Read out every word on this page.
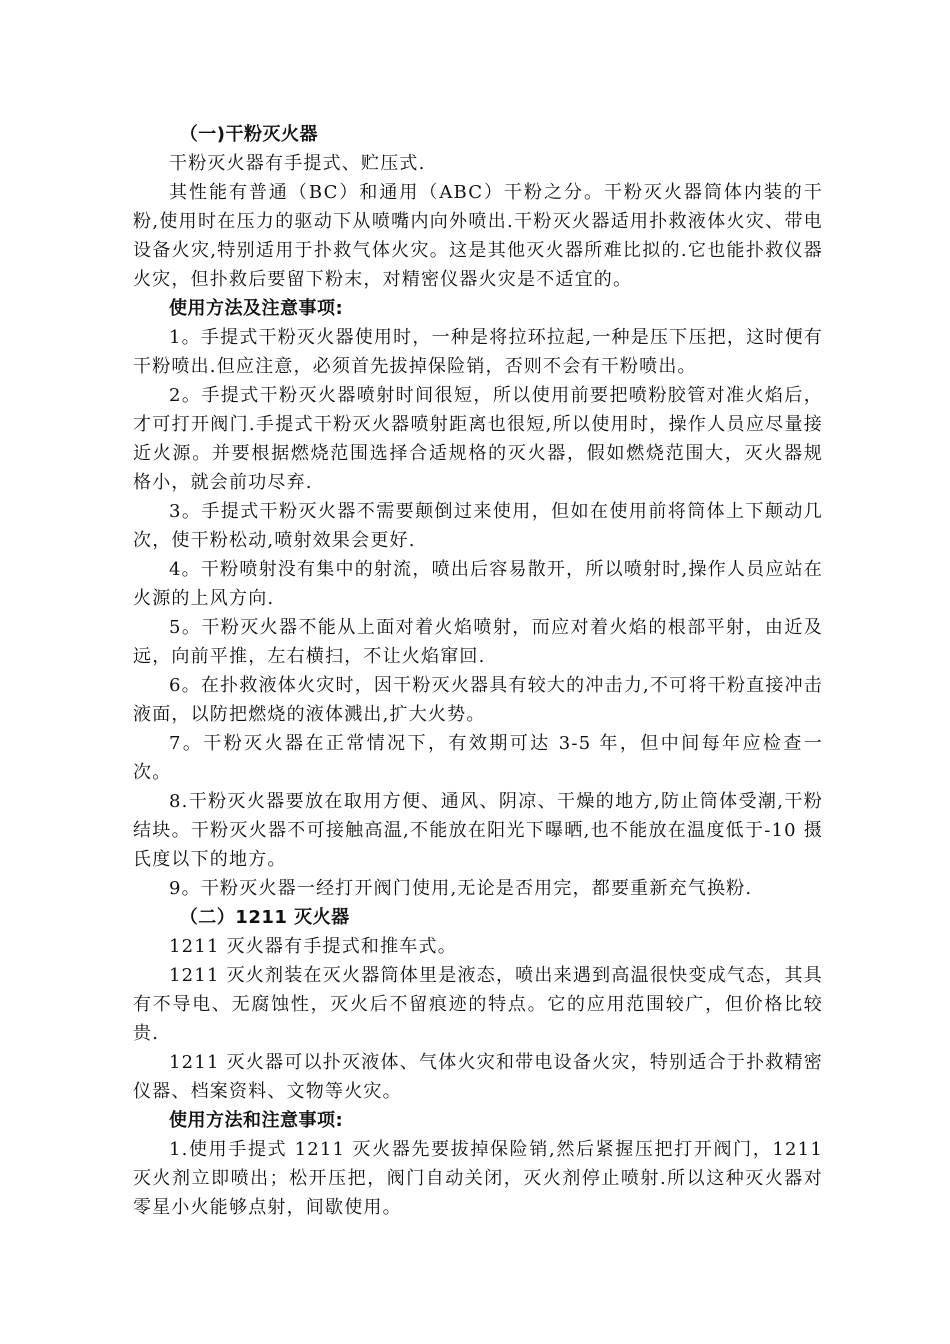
（一)干粉灭火器

干粉灭火器有手提式、贮压式.

其性能有普通（BC）和通用（ABC）干粉之分。干粉灭火器筒体内装的干粉,使用时在压力的驱动下从喷嘴内向外喷出.干粉灭火器适用扑救液体火灾、带电设备火灾,特别适用于扑救气体火灾。这是其他灭火器所难比拟的.它也能扑救仪器火灾，但扑救后要留下粉末，对精密仪器火灾是不适宜的。

使用方法及注意事项:

1。手提式干粉灭火器使用时，一种是将拉环拉起,一种是压下压把，这时便有干粉喷出.但应注意，必须首先拔掉保险销，否则不会有干粉喷出。

2。手提式干粉灭火器喷射时间很短，所以使用前要把喷粉胶管对准火焰后，才可打开阀门.手提式干粉灭火器喷射距离也很短,所以使用时，操作人员应尽量接近火源。并要根据燃烧范围选择合适规格的灭火器，假如燃烧范围大，灭火器规格小，就会前功尽弃.

3。手提式干粉灭火器不需要颠倒过来使用，但如在使用前将筒体上下颠动几次，使干粉松动,喷射效果会更好.

4。干粉喷射没有集中的射流，喷出后容易散开，所以喷射时,操作人员应站在火源的上风方向.

5。干粉灭火器不能从上面对着火焰喷射，而应对着火焰的根部平射，由近及远，向前平推，左右横扫，不让火焰窜回.

6。在扑救液体火灾时，因干粉灭火器具有较大的冲击力,不可将干粉直接冲击液面，以防把燃烧的液体溅出,扩大火势。

7。干粉灭火器在正常情况下，有效期可达 3-5 年，但中间每年应检查一次。

8.干粉灭火器要放在取用方便、通风、阴凉、干燥的地方,防止筒体受潮,干粉结块。干粉灭火器不可接触高温,不能放在阳光下曝晒,也不能放在温度低于-10 摄氏度以下的地方。

9。干粉灭火器一经打开阀门使用,无论是否用完，都要重新充气换粉.

（二）1211 灭火器

1211 灭火器有手提式和推车式。

1211 灭火剂装在灭火器筒体里是液态，喷出来遇到高温很快变成气态，其具有不导电、无腐蚀性，灭火后不留痕迹的特点。它的应用范围较广，但价格比较贵.

1211 灭火器可以扑灭液体、气体火灾和带电设备火灾，特别适合于扑救精密仪器、档案资料、文物等火灾。

使用方法和注意事项:

1.使用手提式 1211 灭火器先要拔掉保险销,然后紧握压把打开阀门，1211 灭火剂立即喷出；松开压把，阀门自动关闭，灭火剂停止喷射.所以这种灭火器对零星小火能够点射，间歇使用。
